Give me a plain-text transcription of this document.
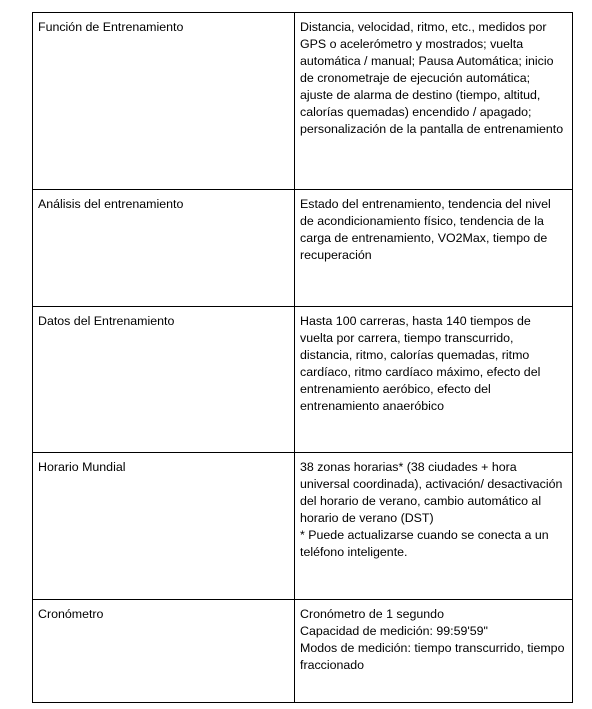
Función de Entrenamiento	Distancia, velocidad, ritmo, etc., medidos por GPS o acelerómetro y mostrados; vuelta automática / manual; Pausa Automática; inicio de cronometraje de ejecución automática; ajuste de alarma de destino (tiempo, altitud, calorías quemadas) encendido / apagado; personalización de la pantalla de entrenamiento
Análisis del entrenamiento	Estado del entrenamiento, tendencia del nivel de acondicionamiento físico, tendencia de la carga de entrenamiento, VO2Max, tiempo de recuperación
Datos del Entrenamiento	Hasta 100 carreras, hasta 140 tiempos de vuelta por carrera, tiempo transcurrido, distancia, ritmo, calorías quemadas, ritmo cardíaco, ritmo cardíaco máximo, efecto del entrenamiento aeróbico, efecto del entrenamiento anaeróbico
Horario Mundial	38 zonas horarias* (38 ciudades + hora universal coordinada), activación/ desactivación del horario de verano, cambio automático al horario de verano (DST)
* Puede actualizarse cuando se conecta a un teléfono inteligente.

Cronómetro	Cronómetro de 1 segundo
Capacidad de medición: 99:59'59"
Modos de medición: tiempo transcurrido, tiempo fraccionado
